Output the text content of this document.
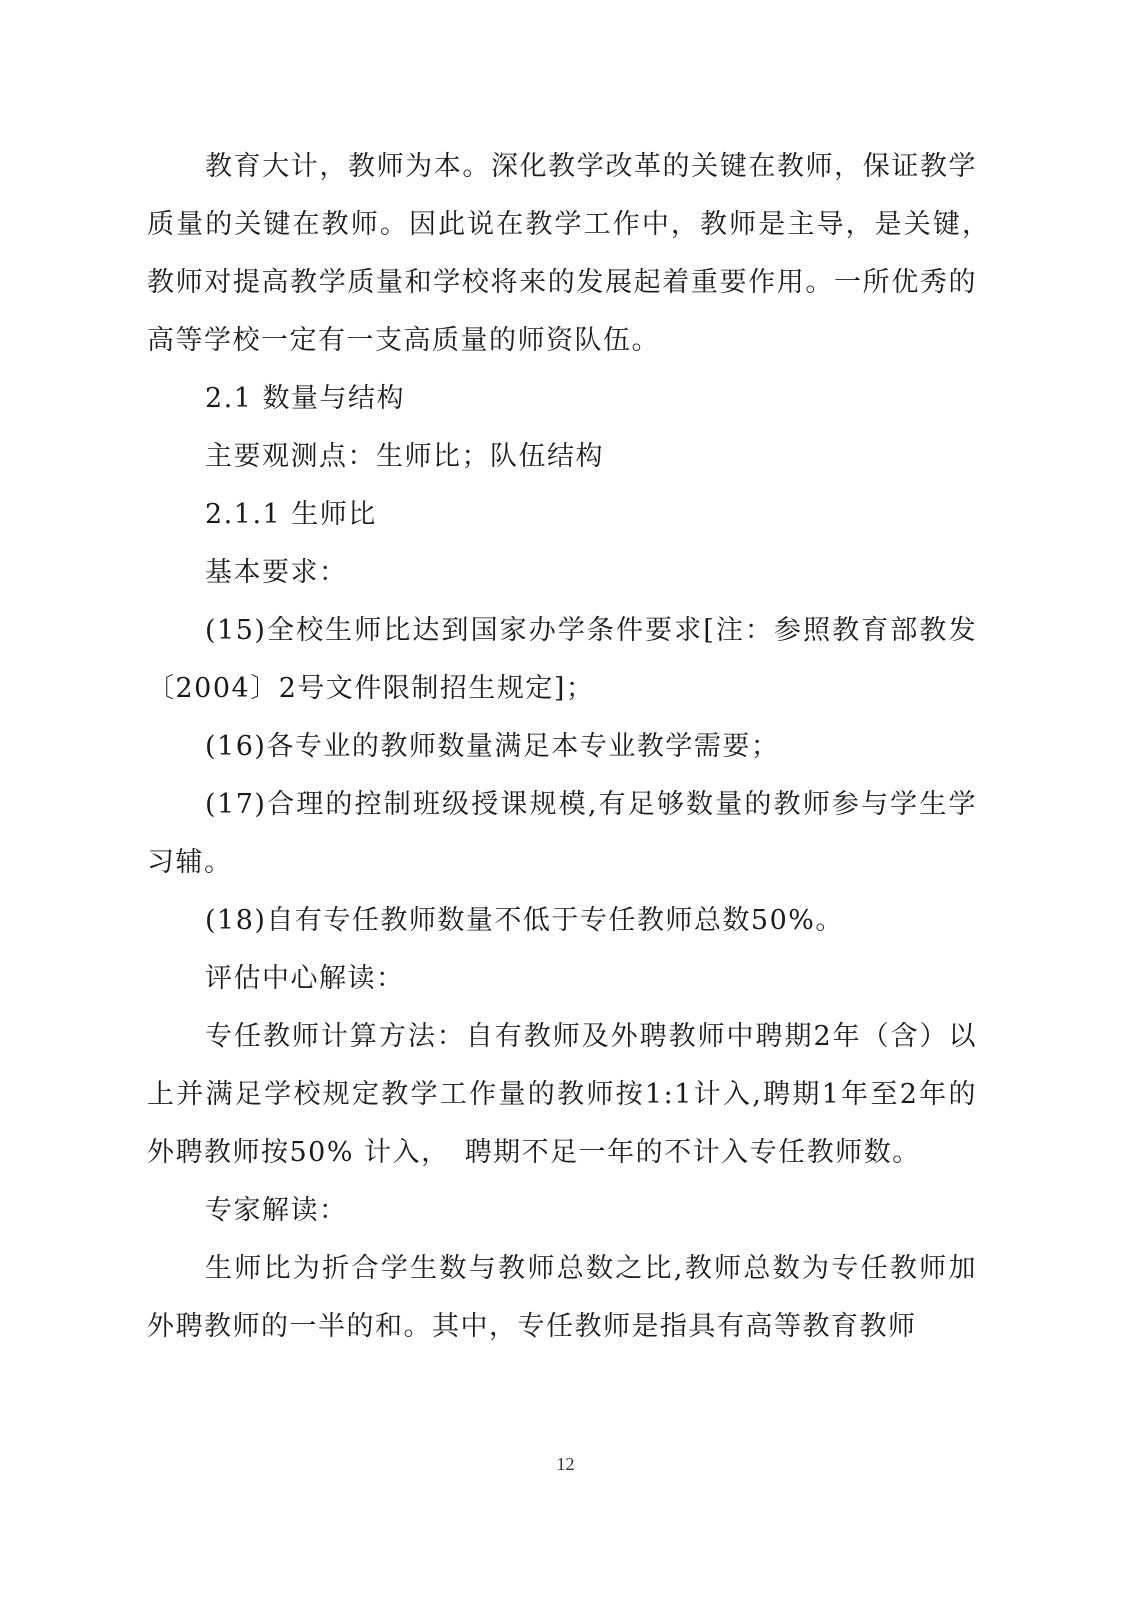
教育大计，教师为本。深化教学改革的关键在教师，保证教学质量的关键在教师。因此说在教学工作中，教师是主导，是关键，　教师对提高教学质量和学校将来的发展起着重要作用。一所优秀的高等学校一定有一支高质量的师资队伍。

2.1 数量与结构

主要观测点：生师比；队伍结构

2.1.1 生师比

基本要求：

(15)全校生师比达到国家办学条件要求[注：参照教育部教发〔2004〕2号文件限制招生规定]；

(16)各专业的教师数量满足本专业教学需要；

(17)合理的控制班级授课规模,有足够数量的教师参与学生学习辅。

(18)自有专任教师数量不低于专任教师总数50%。

评估中心解读：

专任教师计算方法：自有教师及外聘教师中聘期2年（含）以上并满足学校规定教学工作量的教师按1:1计入,聘期1年至2年的外聘教师按50% 计入，　聘期不足一年的不计入专任教师数。

专家解读：

生师比为折合学生数与教师总数之比,教师总数为专任教师加外聘教师的一半的和。其中，专任教师是指具有高等教育教师

12
